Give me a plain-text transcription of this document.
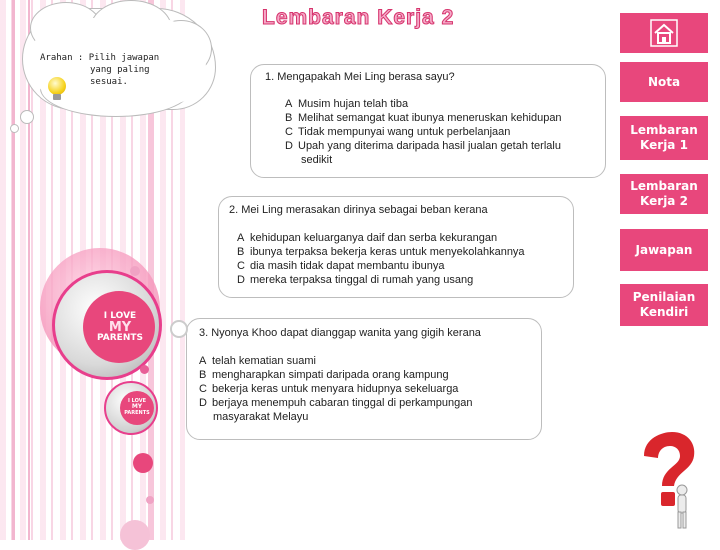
Lembaran Kerja 2
Arahan : Pilih jawapan
yang paling
sesuai.	1. Mengapakah Mei Ling berasa sayu?
A Musim hujan telah tiba
B Melihat semangat kuat ibunya meneruskan kehidupan
C Tidak mempunyai wang untuk perbelanjaan
D Upah yang diterima daripada hasil jualan getah terlalu
sedikit
2. Mei Ling merasakan dirinya sebagai beban kerana
A kehidupan keluarganya daif dan serba kekurangan
B ibunya terpaksa bekerja keras untuk menyekolahkannya
C dia masih tidak dapat membantu ibunya
D mereka terpaksa tinggal di rumah yang usang
3. Nyonya Khoo dapat dianggap wanita yang gigih kerana
A telah kematian suami
B mengharapkan simpati daripada orang kampung
C bekerja keras untuk menyara hidupnya sekeluarga
D berjaya menempuh cabaran tinggal di perkampungan
masyarakat Melayu
I LOVE
MY
PARENTS
I LOVE
MY
PARENTS
Nota
Lembaran Kerja 1
Lembaran Kerja 2
Jawapan
Penilaian Kendiri
